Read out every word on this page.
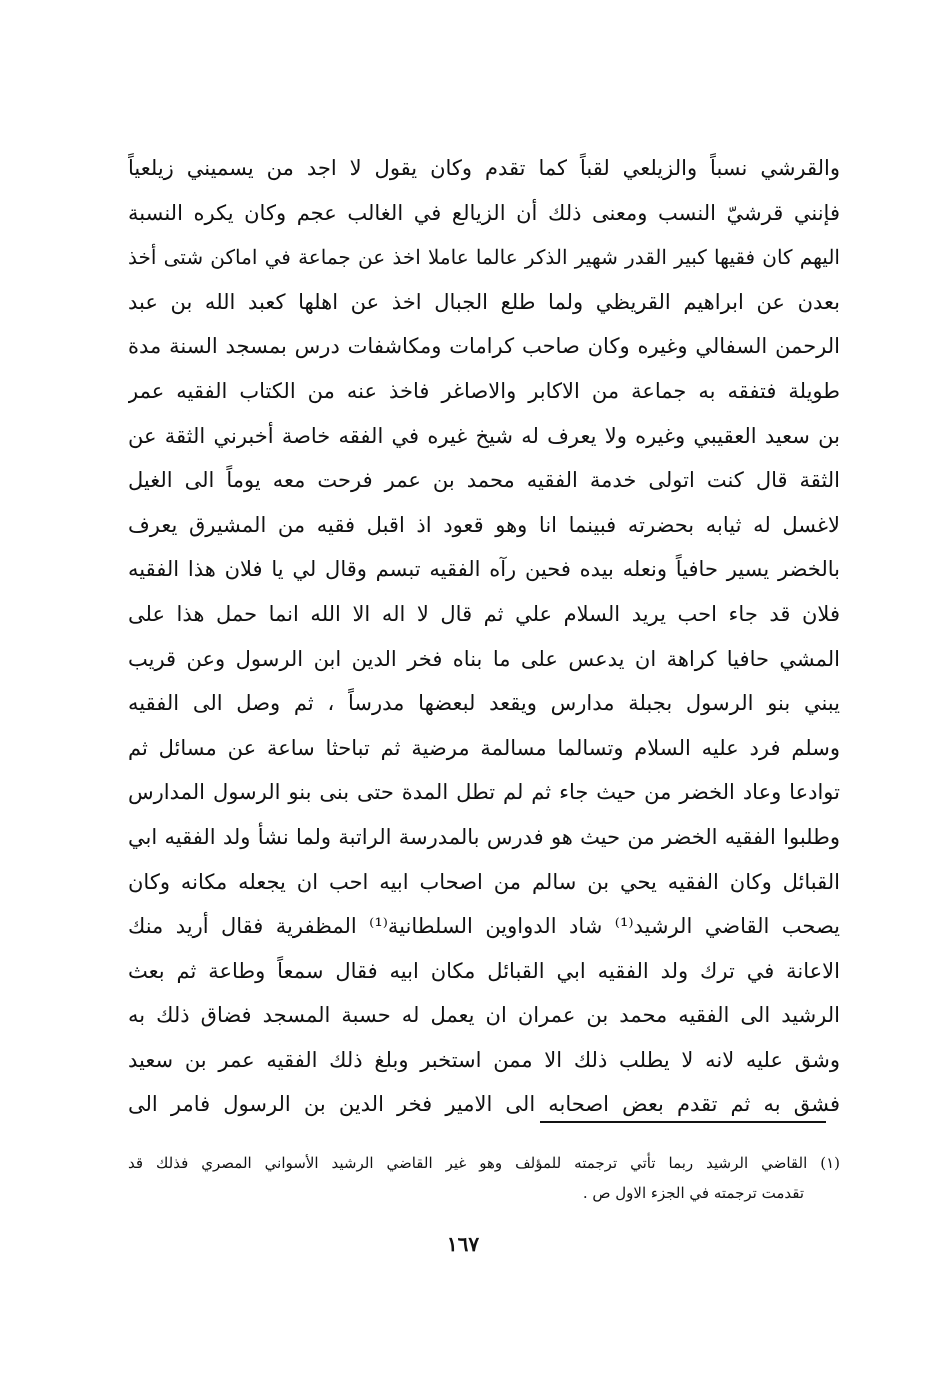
والقرشي نسباً والزيلعي لقباً كما تقدم وكان يقول لا اجد من يسميني زيلعياً
فإنني قرشيّ النسب ومعنى ذلك أن الزيالع في الغالب عجم وكان يكره النسبة
اليهم كان فقيها كبير القدر شهير الذكر عالما عاملا اخذ عن جماعة في اماكن شتى أخذ
بعدن عن ابراهيم القريظي ولما طلع الجبال اخذ عن اهلها كعبد الله بن عبد
الرحمن السفالي وغيره وكان صاحب كرامات ومكاشفات درس بمسجد السنة مدة
طويلة فتفقه به جماعة من الاكابر والاصاغر فاخذ عنه من الكتاب الفقيه عمر
بن سعيد العقيبي وغيره ولا يعرف له شيخ غيره في الفقه خاصة أخبرني الثقة عن
الثقة قال كنت اتولى خدمة الفقيه محمد بن عمر فرحت معه يوماً الى الغيل
لاغسل له ثيابه بحضرته فبينما انا وهو قعود اذ اقبل فقيه من المشيرق يعرف
بالخضر يسير حافياً ونعله بيده فحين رآه الفقيه تبسم وقال لي يا فلان هذا الفقيه
فلان قد جاء احب يريد السلام علي ثم قال لا اله الا الله انما حمل هذا على
المشي حافيا كراهة ان يدعس على ما بناه فخر الدين ابن الرسول وعن قريب
يبني بنو الرسول بجبلة مدارس ويقعد لبعضها مدرساً ، ثم وصل الى الفقيه
وسلم فرد عليه السلام وتسالما مسالمة مرضية ثم تباحثا ساعة عن مسائل ثم
توادعا وعاد الخضر من حيث جاء ثم لم تطل المدة حتى بنى بنو الرسول المدارس
وطلبوا الفقيه الخضر من حيث هو فدرس بالمدرسة الراتبة ولما نشأ ولد الفقيه ابي
القبائل وكان الفقيه يحي بن سالم من اصحاب ابيه احب ان يجعله مكانه وكان
يصحب القاضي الرشيد⁽¹⁾ شاد الدواوين السلطانية⁽¹⁾ المظفرية فقال أريد منك
الاعانة في ترك ولد الفقيه ابي القبائل مكان ابيه فقال سمعاً وطاعة ثم بعث
الرشيد الى الفقيه محمد بن عمران ان يعمل له حسبة المسجد فضاق ذلك به
وشق عليه لانه لا يطلب ذلك الا ممن استخبر وبلغ ذلك الفقيه عمر بن سعيد
فشق به ثم تقدم بعض اصحابه الى الامير فخر الدين بن الرسول فامر الى
(١) القاضي الرشيد ربما تأتي ترجمته للمؤلف وهو غير القاضي الرشيد الأسواني المصري فذلك قد
تقدمت ترجمته في الجزء الاول ص .
١٦٧
